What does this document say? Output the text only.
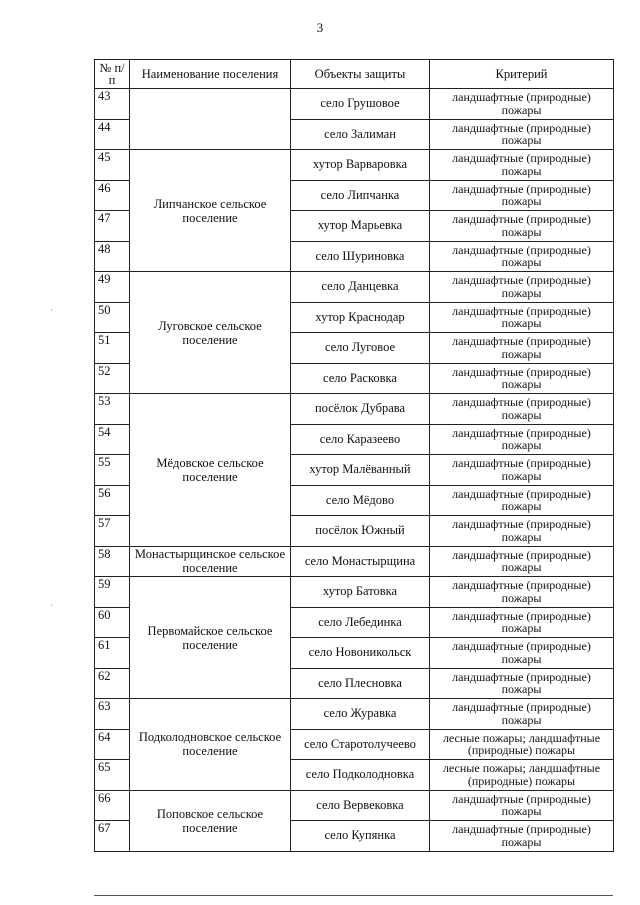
3
№ п/п	Наименование поселения	Объекты защиты	Критерий
43		село Грушовое	ландшафтные (природные) пожары
44		село Залиман	ландшафтные (природные) пожары
45	Липчанское сельское поселение	хутор Варваровка	ландшафтные (природные) пожары
46		село Липчанка	ландшафтные (природные) пожары
47		хутор Марьевка	ландшафтные (природные) пожары
48		село Шуриновка	ландшафтные (природные) пожары
49	Луговское сельское поселение	село Данцевка	ландшафтные (природные) пожары
50		хутор Краснодар	ландшафтные (природные) пожары
51		село Луговое	ландшафтные (природные) пожары
52		село Расковка	ландшафтные (природные) пожары
53	Мёдовское сельское поселение	посёлок Дубрава	ландшафтные (природные) пожары
54		село Каразеево	ландшафтные (природные) пожары
55		хутор Малёванный	ландшафтные (природные) пожары
56		село Мёдово	ландшафтные (природные) пожары
57		посёлок Южный	ландшафтные (природные) пожары
58	Монастырщинское сельское поселение	село Монастырщина	ландшафтные (природные) пожары
59	Первомайское сельское поселение	хутор Батовка	ландшафтные (природные) пожары
60		село Лебединка	ландшафтные (природные) пожары
61		село Новоникольск	ландшафтные (природные) пожары
62		село Плесновка	ландшафтные (природные) пожары
63	Подколодновское сельское поселение	село Журавка	ландшафтные (природные) пожары
64		село Старотолучеево	лесные пожары; ландшафтные (природные) пожары
65		село Подколодновка	лесные пожары; ландшафтные (природные) пожары
66	Поповское сельское поселение	село Вервековка	ландшафтные (природные) пожары
67		село Купянка	ландшафтные (природные) пожары
·
·
